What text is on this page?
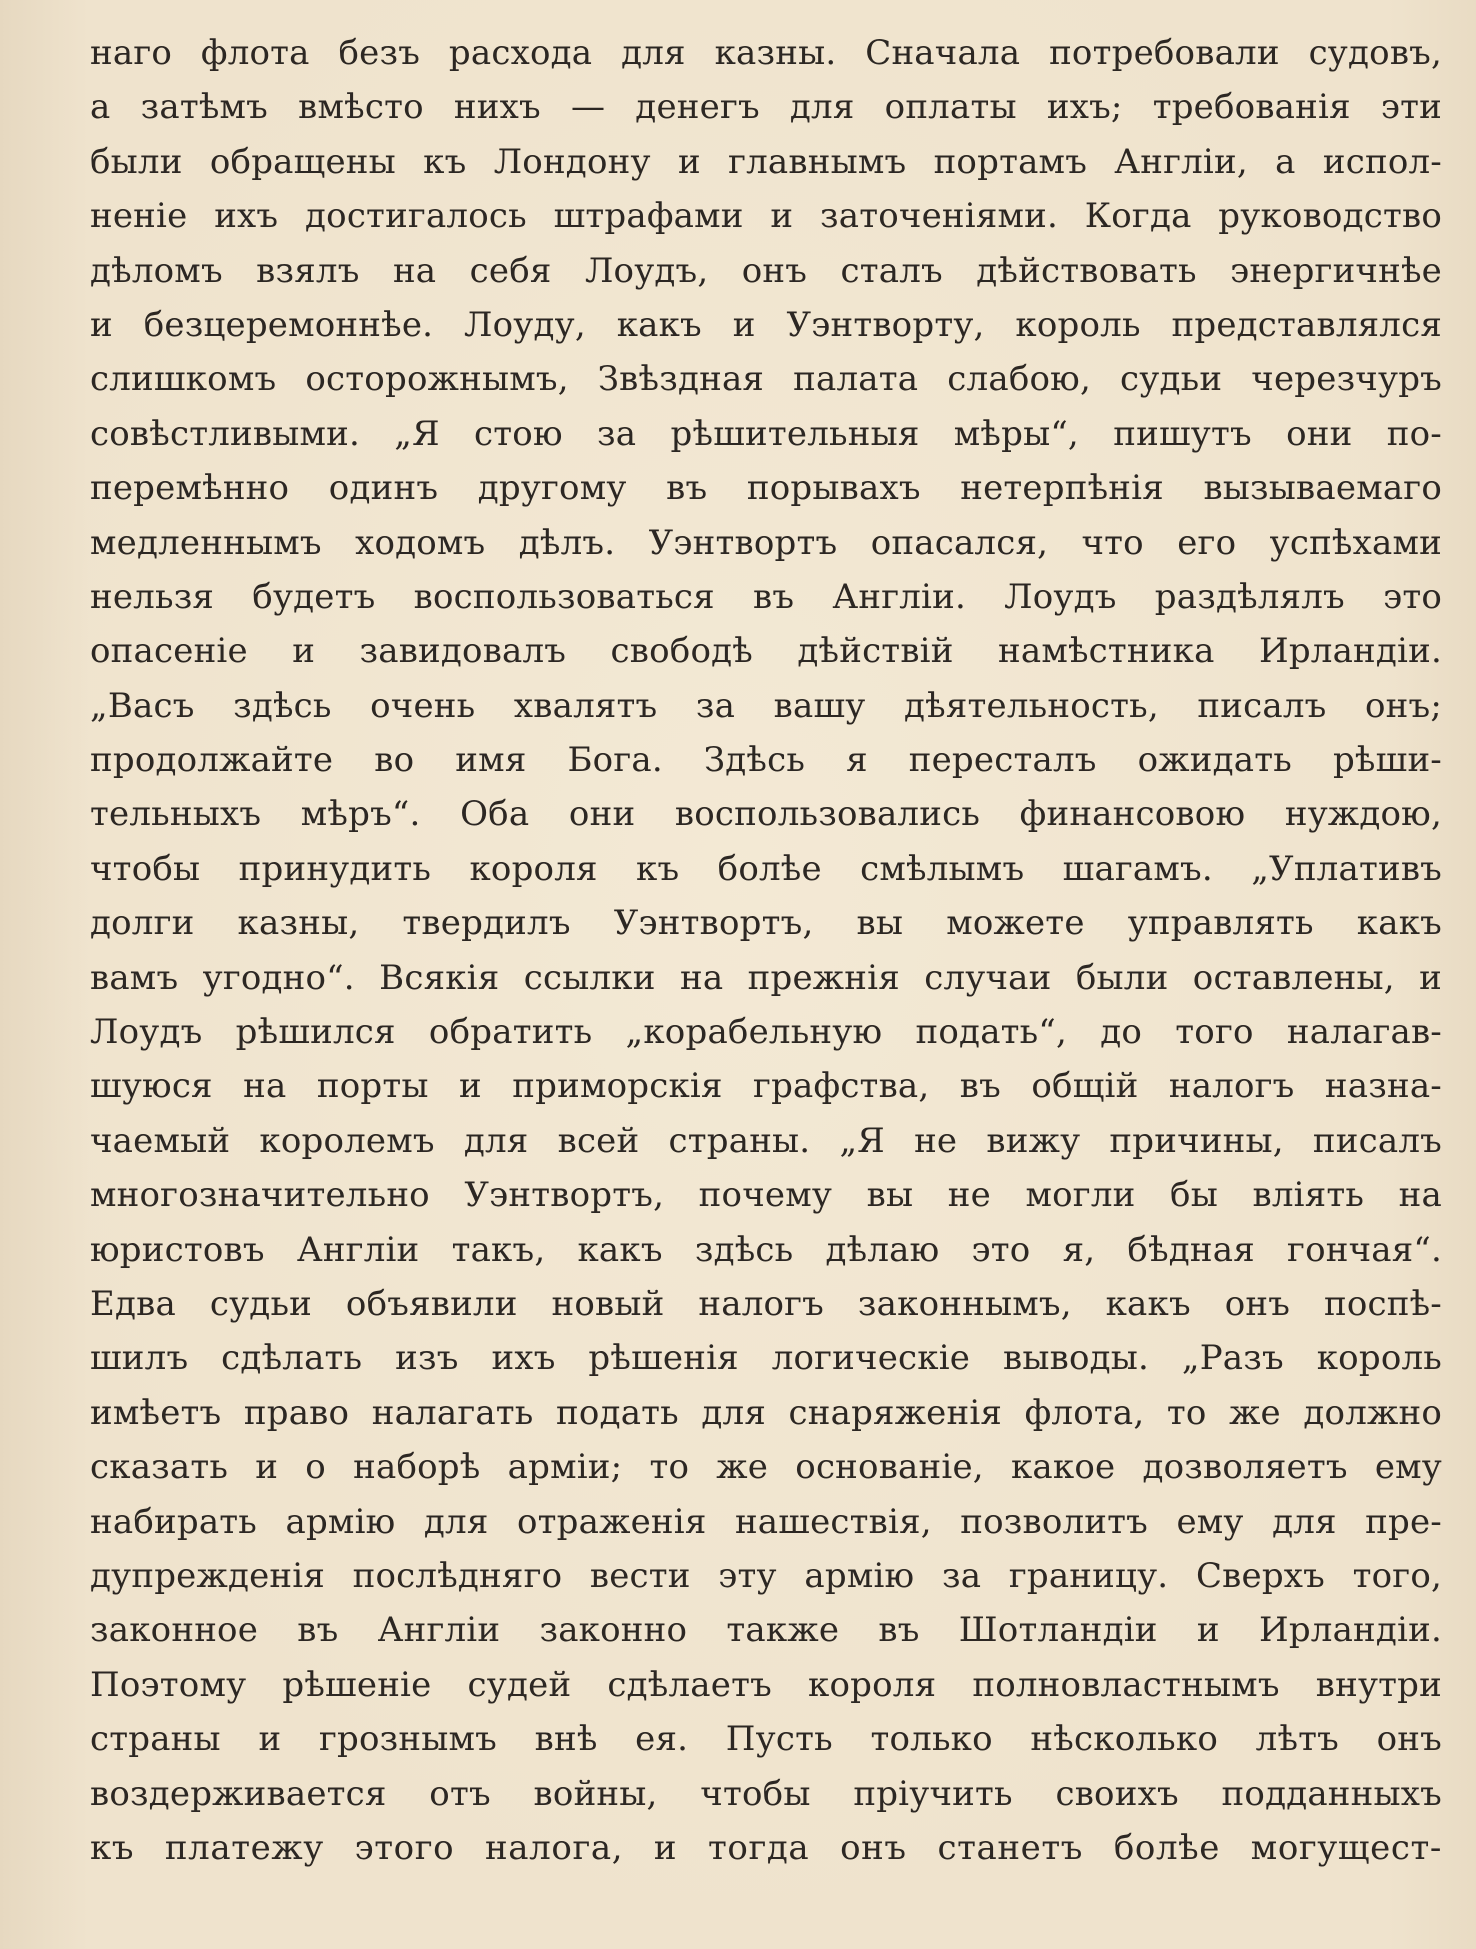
наго флота безъ расхода для казны. Сначала потребовали судовъ,
а затѣмъ вмѣсто нихъ — денегъ для оплаты ихъ; требованія эти
были обращены къ Лондону и главнымъ портамъ Англіи, а испол-
неніе ихъ достигалось штрафами и заточеніями. Когда руководство
дѣломъ взялъ на себя Лоудъ, онъ сталъ дѣйствовать энергичнѣе
и безцеремоннѣе. Лоуду, какъ и Уэнтворту, король представлялся
слишкомъ осторожнымъ, Звѣздная палата слабою, судьи черезчуръ
совѣстливыми. „Я стою за рѣшительныя мѣры“, пишутъ они по-
перемѣнно одинъ другому въ порывахъ нетерпѣнія вызываемаго
медленнымъ ходомъ дѣлъ. Уэнтвортъ опасался, что его успѣхами
нельзя будетъ воспользоваться въ Англіи. Лоудъ раздѣлялъ это
опасеніе и завидовалъ свободѣ дѣйствій намѣстника Ирландіи.
„Васъ здѣсь очень хвалятъ за вашу дѣятельность, писалъ онъ;
продолжайте во имя Бога. Здѣсь я пересталъ ожидать рѣши-
тельныхъ мѣръ“. Оба они воспользовались финансовою нуждою,
чтобы принудить короля къ болѣе смѣлымъ шагамъ. „Уплативъ
долги казны, твердилъ Уэнтвортъ, вы можете управлять какъ
вамъ угодно“. Всякія ссылки на прежнія случаи были оставлены, и
Лоудъ рѣшился обратить „корабельную подать“, до того налагав-
шуюся на порты и приморскія графства, въ общій налогъ назна-
чаемый королемъ для всей страны. „Я не вижу причины, писалъ
многозначительно Уэнтвортъ, почему вы не могли бы влiять на
юристовъ Англіи такъ, какъ здѣсь дѣлаю это я, бѣдная гончая“.
Едва судьи объявили новый налогъ законнымъ, какъ онъ поспѣ-
шилъ сдѣлать изъ ихъ рѣшенія логическіе выводы. „Разъ король
имѣетъ право налагать подать для снаряженія флота, то же должно
сказать и о наборѣ арміи; то же основаніе, какое дозволяетъ ему
набирать армію для отраженія нашествія, позволитъ ему для пре-
дупрежденія послѣдняго вести эту армію за границу. Сверхъ того,
законное въ Англіи законно также въ Шотландіи и Ирландіи.
Поэтому рѣшеніе судей сдѣлаетъ короля полновластнымъ внутри
страны и грознымъ внѣ ея. Пусть только нѣсколько лѣтъ онъ
воздерживается отъ войны, чтобы пріучить своихъ подданныхъ
къ платежу этого налога, и тогда онъ станетъ болѣе могущест-
